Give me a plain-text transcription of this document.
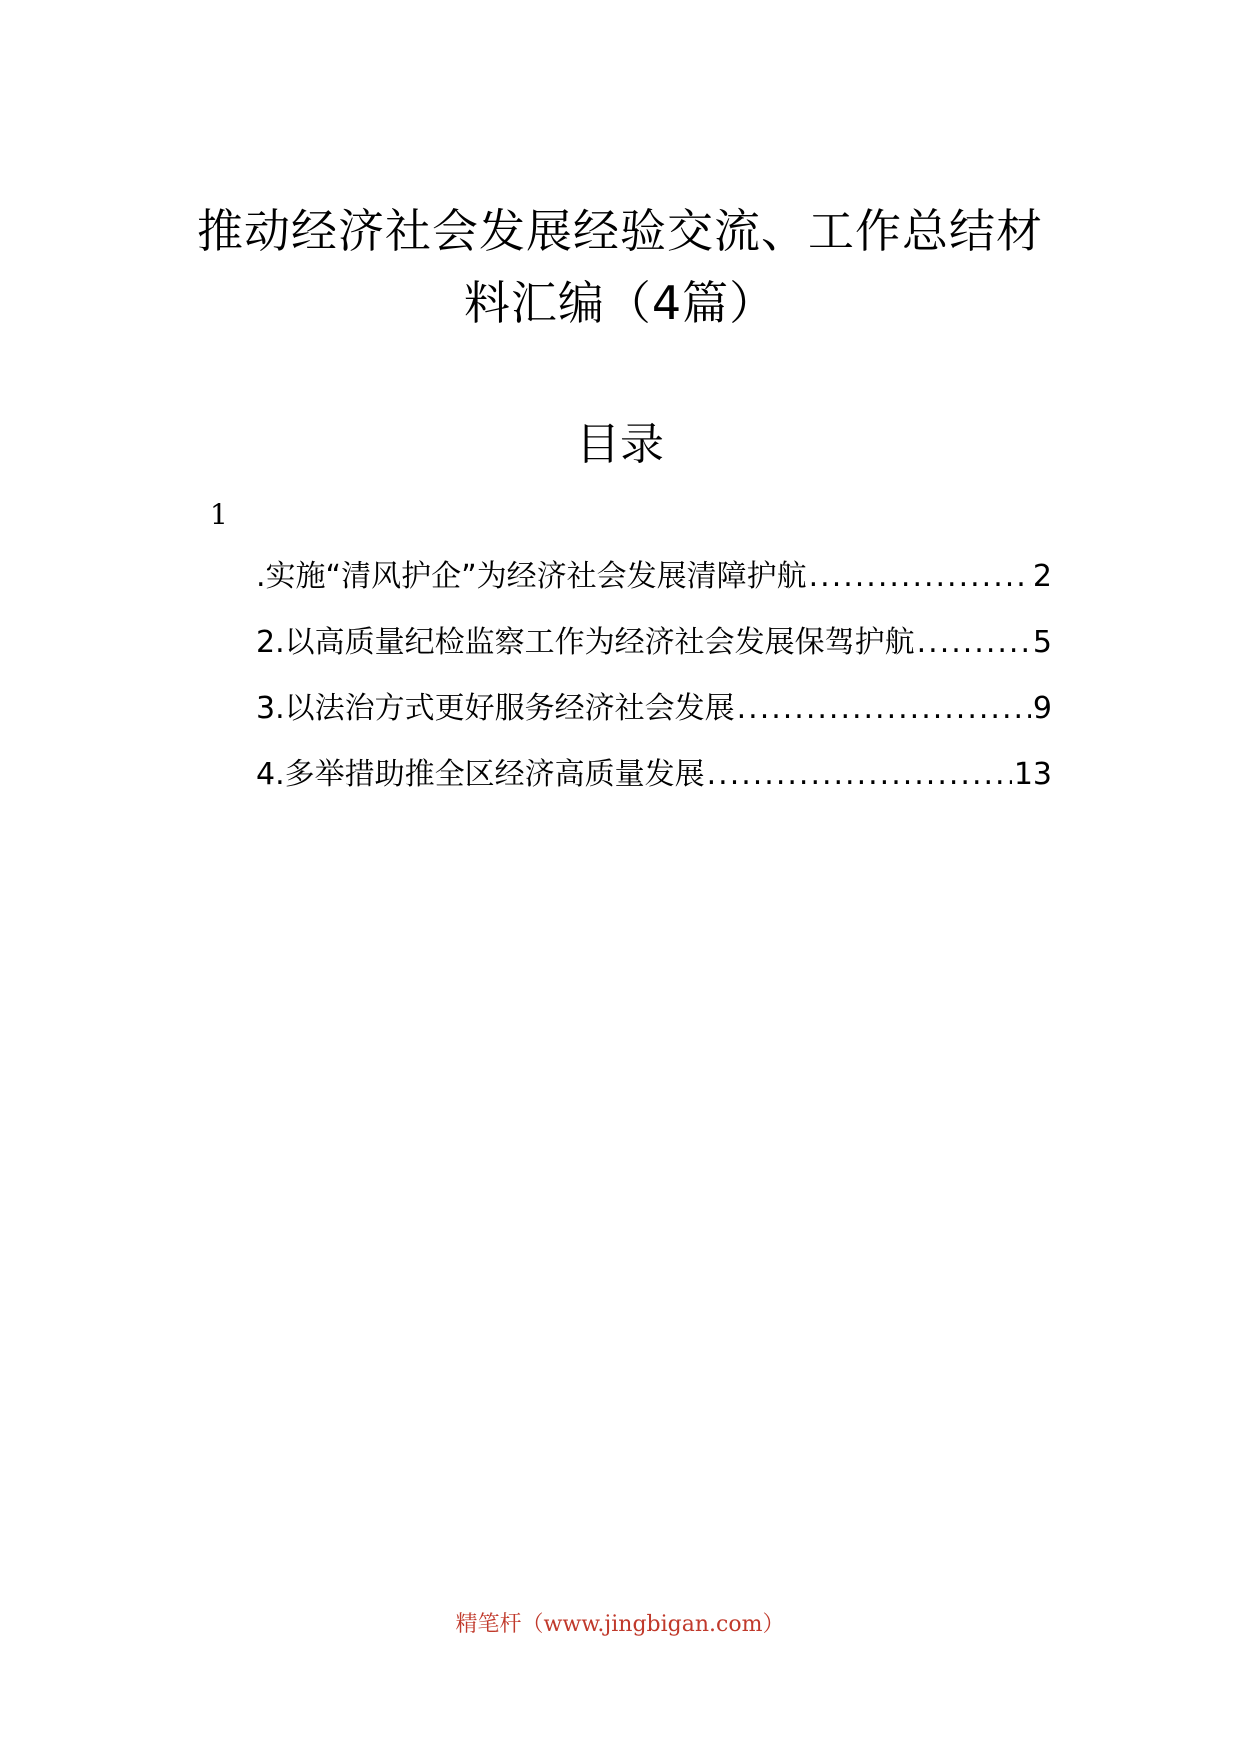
推动经济社会发展经验交流、工作总结材
料汇编（4篇）
目录
1
.实施“清风护企”为经济社会发展清障护航 .....	2
2.以高质量纪检监察工作为经济社会发展保驾护航 .....	5
3.以法治方式更好服务经济社会发展 .....	9
4.多举措助推全区经济高质量发展 .....	13
精笔杆（www.jingbigan.com）
